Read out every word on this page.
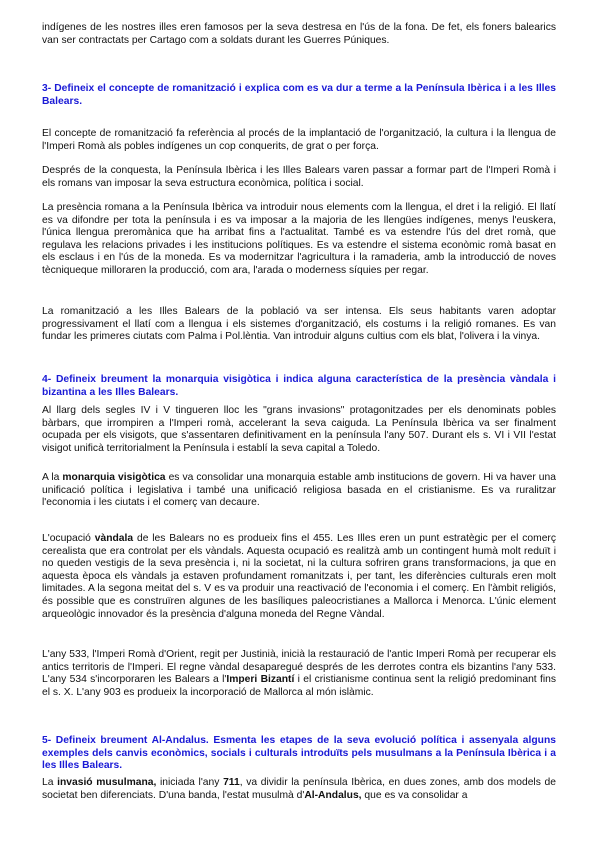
indígenes de les nostres illes eren famosos per la seva destresa en l'ús de la fona. De fet, els foners balearics van ser contractats per Cartago com a soldats durant les Guerres Púniques.

3- Defineix el concepte de romanització i explica com es va dur a terme a la Península Ibèrica i a les Illes Balears.

El concepte de romanització fa referència al procés de la implantació de l'organització, la cultura i la llengua de l'Imperi Romà als pobles indígenes un cop conquerits, de grat o per força.

Després de la conquesta, la Península Ibèrica i les Illes Balears varen passar a formar part de l'Imperi Romà i els romans van imposar la seva estructura econòmica, política i social.

La presència romana a la Península Ibèrica va introduir nous elements com la llengua, el dret i la religió. El llatí es va difondre per tota la península i es va imposar a la majoria de les llengües indígenes, menys l'euskera, l'única llengua preromànica que ha arribat fins a l'actualitat. També es va estendre l'ús del dret romà, que regulava les relacions privades i les institucions polítiques. Es va estendre el sistema econòmic romà basat en els esclaus i en l'ús de la moneda. Es va modernitzar l'agricultura i la ramaderia, amb la introducció de noves tècniqueque milloraren la producció, com ara, l'arada o moderness síquies per regar.

La romanització a les Illes Balears de la població va ser intensa. Els seus habitants varen adoptar progressivament el llatí com a llengua i els sistemes d'organització, els costums i la religió romanes. Es van fundar les primeres ciutats com Palma i Pol.lèntia. Van introduir alguns cultius com els blat, l'olivera i la vinya.

4- Defineix breument la monarquia visigòtica i indica alguna característica de la presència vàndala i bizantina a les Illes Balears.

Al llarg dels segles IV i V tingueren lloc les "grans invasions" protagonitzades per els denominats pobles bàrbars, que irrompiren a l'Imperi romà, accelerant la seva caiguda. La Península Ibèrica va ser finalment ocupada per els visigots, que s'assentaren definitivament en la península l'any 507. Durant els s. VI i VII l'estat visigot unificà territorialment la Península i establí la seva capital a Toledo.

A la monarquia visigòtica es va consolidar una monarquia estable amb institucions de govern. Hi va haver una unificació política i legislativa i també una unificació religiosa basada en el cristianisme. Es va ruralitzar l'economia i les ciutats i el comerç van decaure.

L'ocupació vàndala de les Balears no es produeix fins el 455. Les Illes eren un punt estratègic per el comerç cerealista que era controlat per els vàndals. Aquesta ocupació es realitzà amb un contingent humà molt reduït i no queden vestigis de la seva presència i, ni la societat, ni la cultura sofriren grans transformacions, ja que en aquesta època els vàndals ja estaven profundament romanitzats i, per tant, les diferències culturals eren molt limitades. A la segona meitat del s. V es va produir una reactivació de l'economia i el comerç. En l'àmbit religiós, és possible que es construïren algunes de les basíliques paleocristianes a Mallorca i Menorca. L'únic element arqueològic innovador és la presència d'alguna moneda del Regne Vàndal.

L'any 533, l'Imperi Romà d'Orient, regit per Justinià, inicià la restauració de l'antic Imperi Romà per recuperar els antics territoris de l'Imperi. El regne vàndal desaparegué després de les derrotes contra els bizantins l'any 533. L'any 534 s'incorporaren les Balears a l'Imperi Bizantí i el cristianisme continua sent la religió predominant fins el s. X. L'any 903 es produeix la incorporació de Mallorca al món islàmic.

5- Defineix breument Al-Andalus. Esmenta les etapes de la seva evolució política i assenyala alguns exemples dels canvis econòmics, socials i culturals introduïts pels musulmans a la Península Ibèrica i a les Illes Balears.

La invasió musulmana, iniciada l'any 711, va dividir la península Ibèrica, en dues zones, amb dos models de societat ben diferenciats. D'una banda, l'estat musulmà d'Al-Andalus, que es va consolidar a
